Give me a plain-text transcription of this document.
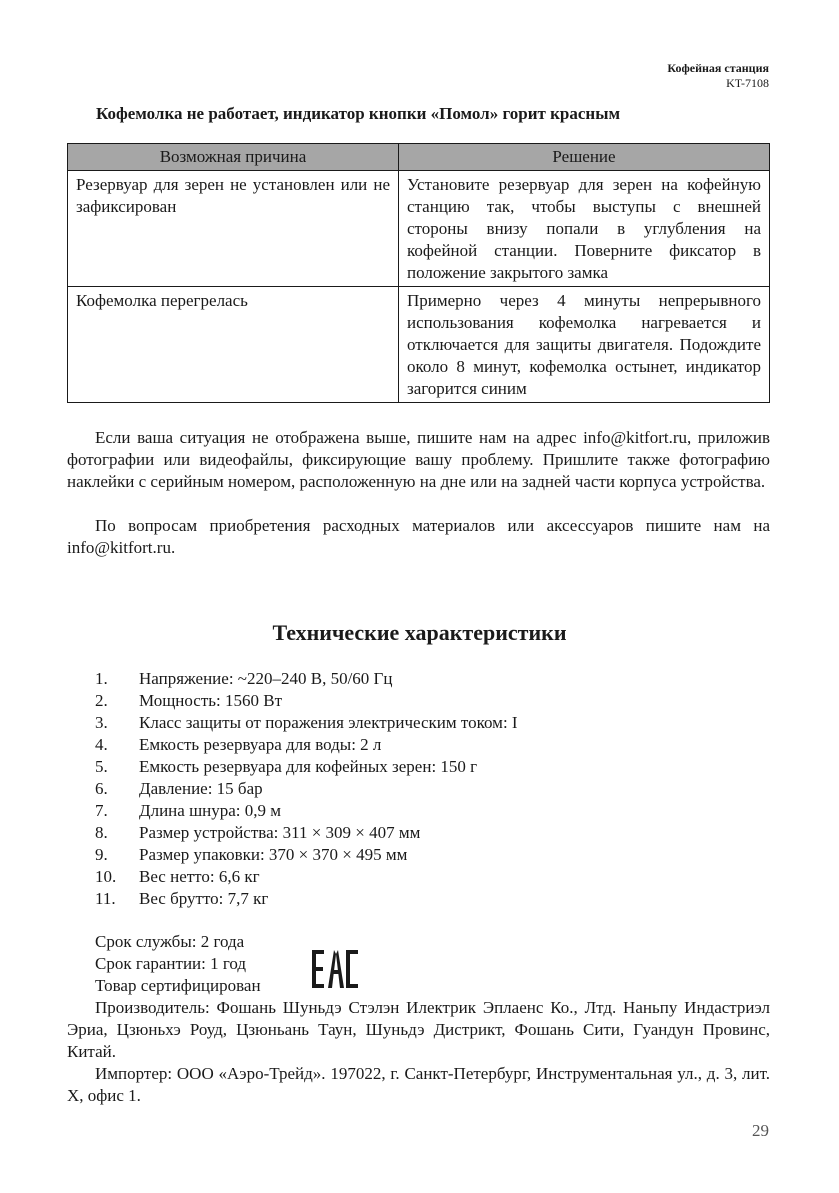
Кофейная станция
KT-7108
Кофемолка не работает, индикатор кнопки «Помол» горит красным
Возможная причина	Решение
Резервуар для зерен не установлен или не зафиксирован	Установите резервуар для зерен на кофейную станцию так, чтобы выступы с внешней стороны внизу попали в углубления на кофейной станции. Поверните фиксатор в положение закрытого замка
Кофемолка перегрелась	Примерно через 4 минуты непрерывного использования кофемолка нагревается и отключается для защиты двигателя. Подождите около 8 минут, кофемолка остынет, индикатор загорится синим

Если ваша ситуация не отображена выше, пишите нам на адрес info@kitfort.ru, приложив фотографии или видеофайлы, фиксирующие вашу проблему. Пришлите также фотографию наклейки с серийным номером, расположенную на дне или на задней части корпуса устройства.

По вопросам приобретения расходных материалов или аксессуаров пишите нам на info@kitfort.ru.

Технические характеристики
1.	Напряжение: ~220–240 В, 50/60 Гц
2.	Мощность: 1560 Вт
3.	Класс защиты от поражения электрическим током: I
4.	Емкость резервуара для воды: 2 л
5.	Емкость резервуара для кофейных зерен: 150 г
6.	Давление: 15 бар
7.	Длина шнура: 0,9 м
8.	Размер устройства: 311 × 309 × 407 мм
9.	Размер упаковки: 370 × 370 × 495 мм
10.	Вес нетто: 6,6 кг
11.	Вес брутто: 7,7 кг
Срок службы: 2 года
Срок гарантии: 1 год
Товар сертифицирован

Производитель: Фошань Шуньдэ Стэлэн Илектрик Эплаенс Ко., Лтд. Наньпу Индастриэл Эриа, Цзюньхэ Роуд, Цзюньань Таун, Шуньдэ Дистрикт, Фошань Сити, Гуандун Провинс, Китай.

Импортер: ООО «Аэро-Трейд». 197022, г. Санкт-Петербург, Инструментальная ул., д. 3, лит. Х, офис 1.

29
